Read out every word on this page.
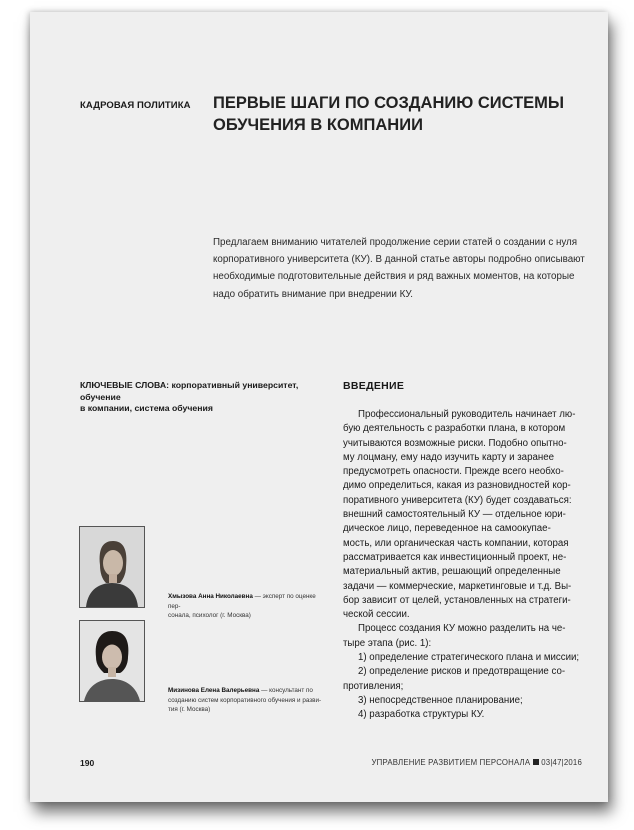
КАДРОВАЯ ПОЛИТИКА ПЕРВЫЕ ШАГИ ПО СОЗДАНИЮ СИСТЕМЫ
ОБУЧЕНИЯ В КОМПАНИИ
Предлагаем вниманию читателей продолжение серии статей о создании с нуля
корпоративного университета (КУ). В данной статье авторы подробно описывают
необходимые подготовительные действия и ряд важных моментов, на которые
надо обратить внимание при внедрении КУ.
КЛЮЧЕВЫЕ СЛОВА: корпоративный университет, обучение
в компании, система обучения
ВВЕДЕНИЕ

Профессиональный руководитель начинает лю-

бую деятельность с разработки плана, в котором

учитываются возможные риски. Подобно опытно-

му лоцману, ему надо изучить карту и заранее

предусмотреть опасности. Прежде всего необхо-

димо определиться, какая из разновидностей кор-

поративного университета (КУ) будет создаваться:

внешний самостоятельный КУ — отдельное юри-

дическое лицо, переведенное на самоокупае-

мость, или органическая часть компании, которая

рассматривается как инвестиционный проект, не-

материальный актив, решающий определенные

задачи — коммерческие, маркетинговые и т.д. Вы-

бор зависит от целей, установленных на стратеги-

ческой сессии.

Процесс создания КУ можно разделить на че-

тыре этапа (рис. 1):

1) определение стратегического плана и миссии;

2) определение рисков и предотвращение со-

противления;

3) непосредственное планирование;

4) разработка структуры КУ.

Хмызова Анна Николаевна — эксперт по оценке пер-
сонала, психолог (г. Москва)
Мизинова Елена Валерьевна — консультант по
созданию систем корпоративного обучения и разви-
тия (г. Москва)
190	УПРАВЛЕНИЕ РАЗВИТИЕМ ПЕРСОНАЛА 03|47|2016
